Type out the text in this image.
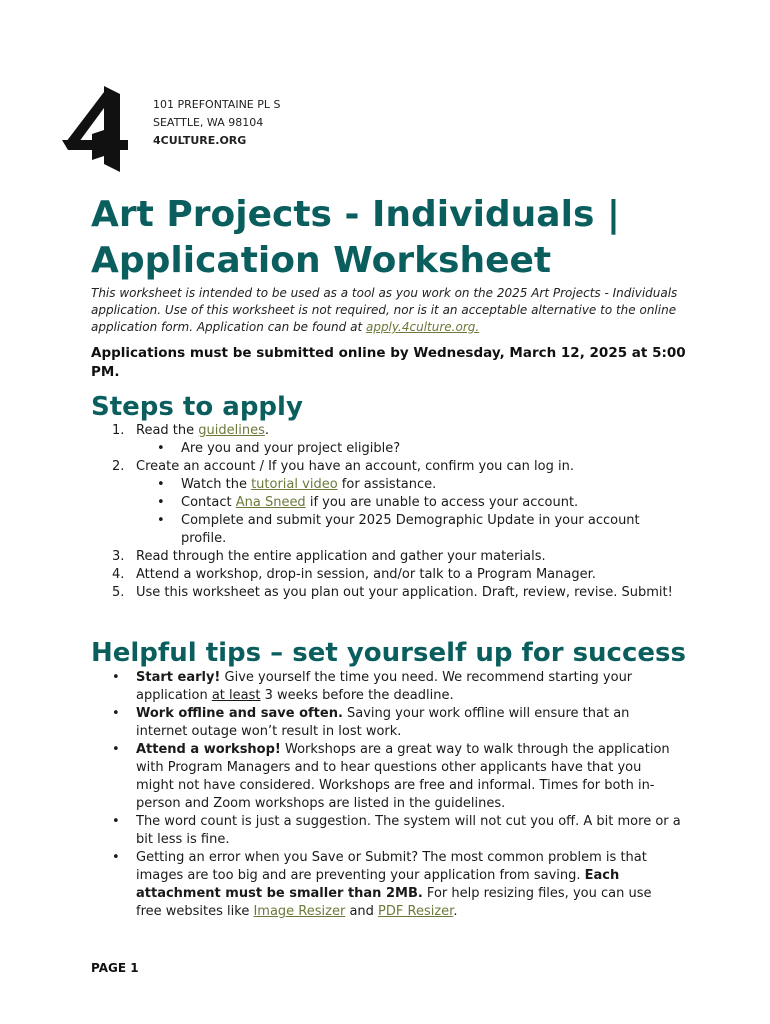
101 PREFONTAINE PL S
SEATTLE, WA 98104
4CULTURE.ORG
Art Projects - Individuals |
Application Worksheet

This worksheet is intended to be used as a tool as you work on the 2025 Art Projects - Individuals application. Use of this worksheet is not required, nor is it an acceptable alternative to the online application form. Application can be found at apply.4culture.org.

Applications must be submitted online by Wednesday, March 12, 2025 at 5:00 PM.

Steps to apply
1. Read the guidelines.
• Are you and your project eligible?
2. Create an account / If you have an account, confirm you can log in.
• Watch the tutorial video for assistance.
• Contact Ana Sneed if you are unable to access your account.
• Complete and submit your 2025 Demographic Update in your account profile.
3. Read through the entire application and gather your materials.
4. Attend a workshop, drop-in session, and/or talk to a Program Manager.
5. Use this worksheet as you plan out your application. Draft, review, revise. Submit!
Helpful tips – set yourself up for success
• Start early! Give yourself the time you need. We recommend starting your application at least 3 weeks before the deadline.
• Work offline and save often. Saving your work offline will ensure that an internet outage won’t result in lost work.
• Attend a workshop! Workshops are a great way to walk through the application with Program Managers and to hear questions other applicants have that you might not have considered. Workshops are free and informal. Times for both in-person and Zoom workshops are listed in the guidelines.
• The word count is just a suggestion. The system will not cut you off. A bit more or a bit less is fine.
• Getting an error when you Save or Submit? The most common problem is that images are too big and are preventing your application from saving. Each attachment must be smaller than 2MB. For help resizing files, you can use free websites like Image Resizer and PDF Resizer.
PAGE 1
